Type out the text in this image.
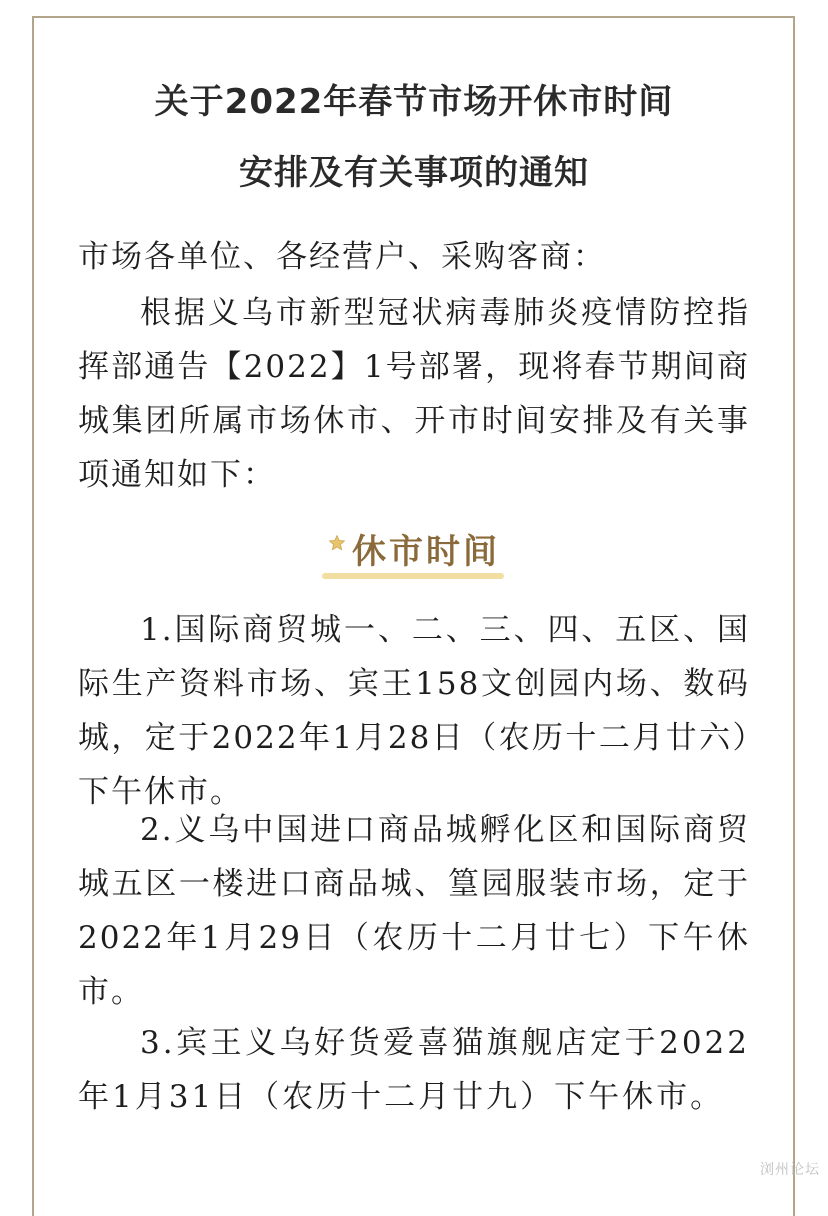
关于2022年春节市场开休市时间
安排及有关事项的通知

市场各单位、各经营户、采购客商：

根据义乌市新型冠状病毒肺炎疫情防控指挥部通告【2022】1号部署，现将春节期间商城集团所属市场休市、开市时间安排及有关事项通知如下：

休市时间

1.国际商贸城一、二、三、四、五区、国际生产资料市场、宾王158文创园内场、数码城，定于2022年1月28日（农历十二月廿六）下午休市。

2.义乌中国进口商品城孵化区和国际商贸城五区一楼进口商品城、篁园服装市场，定于2022年1月29日（农历十二月廿七）下午休市。

3.宾王义乌好货爱喜猫旗舰店定于2022年1月31日（农历十二月廿九）下午休市。

浏州论坛
